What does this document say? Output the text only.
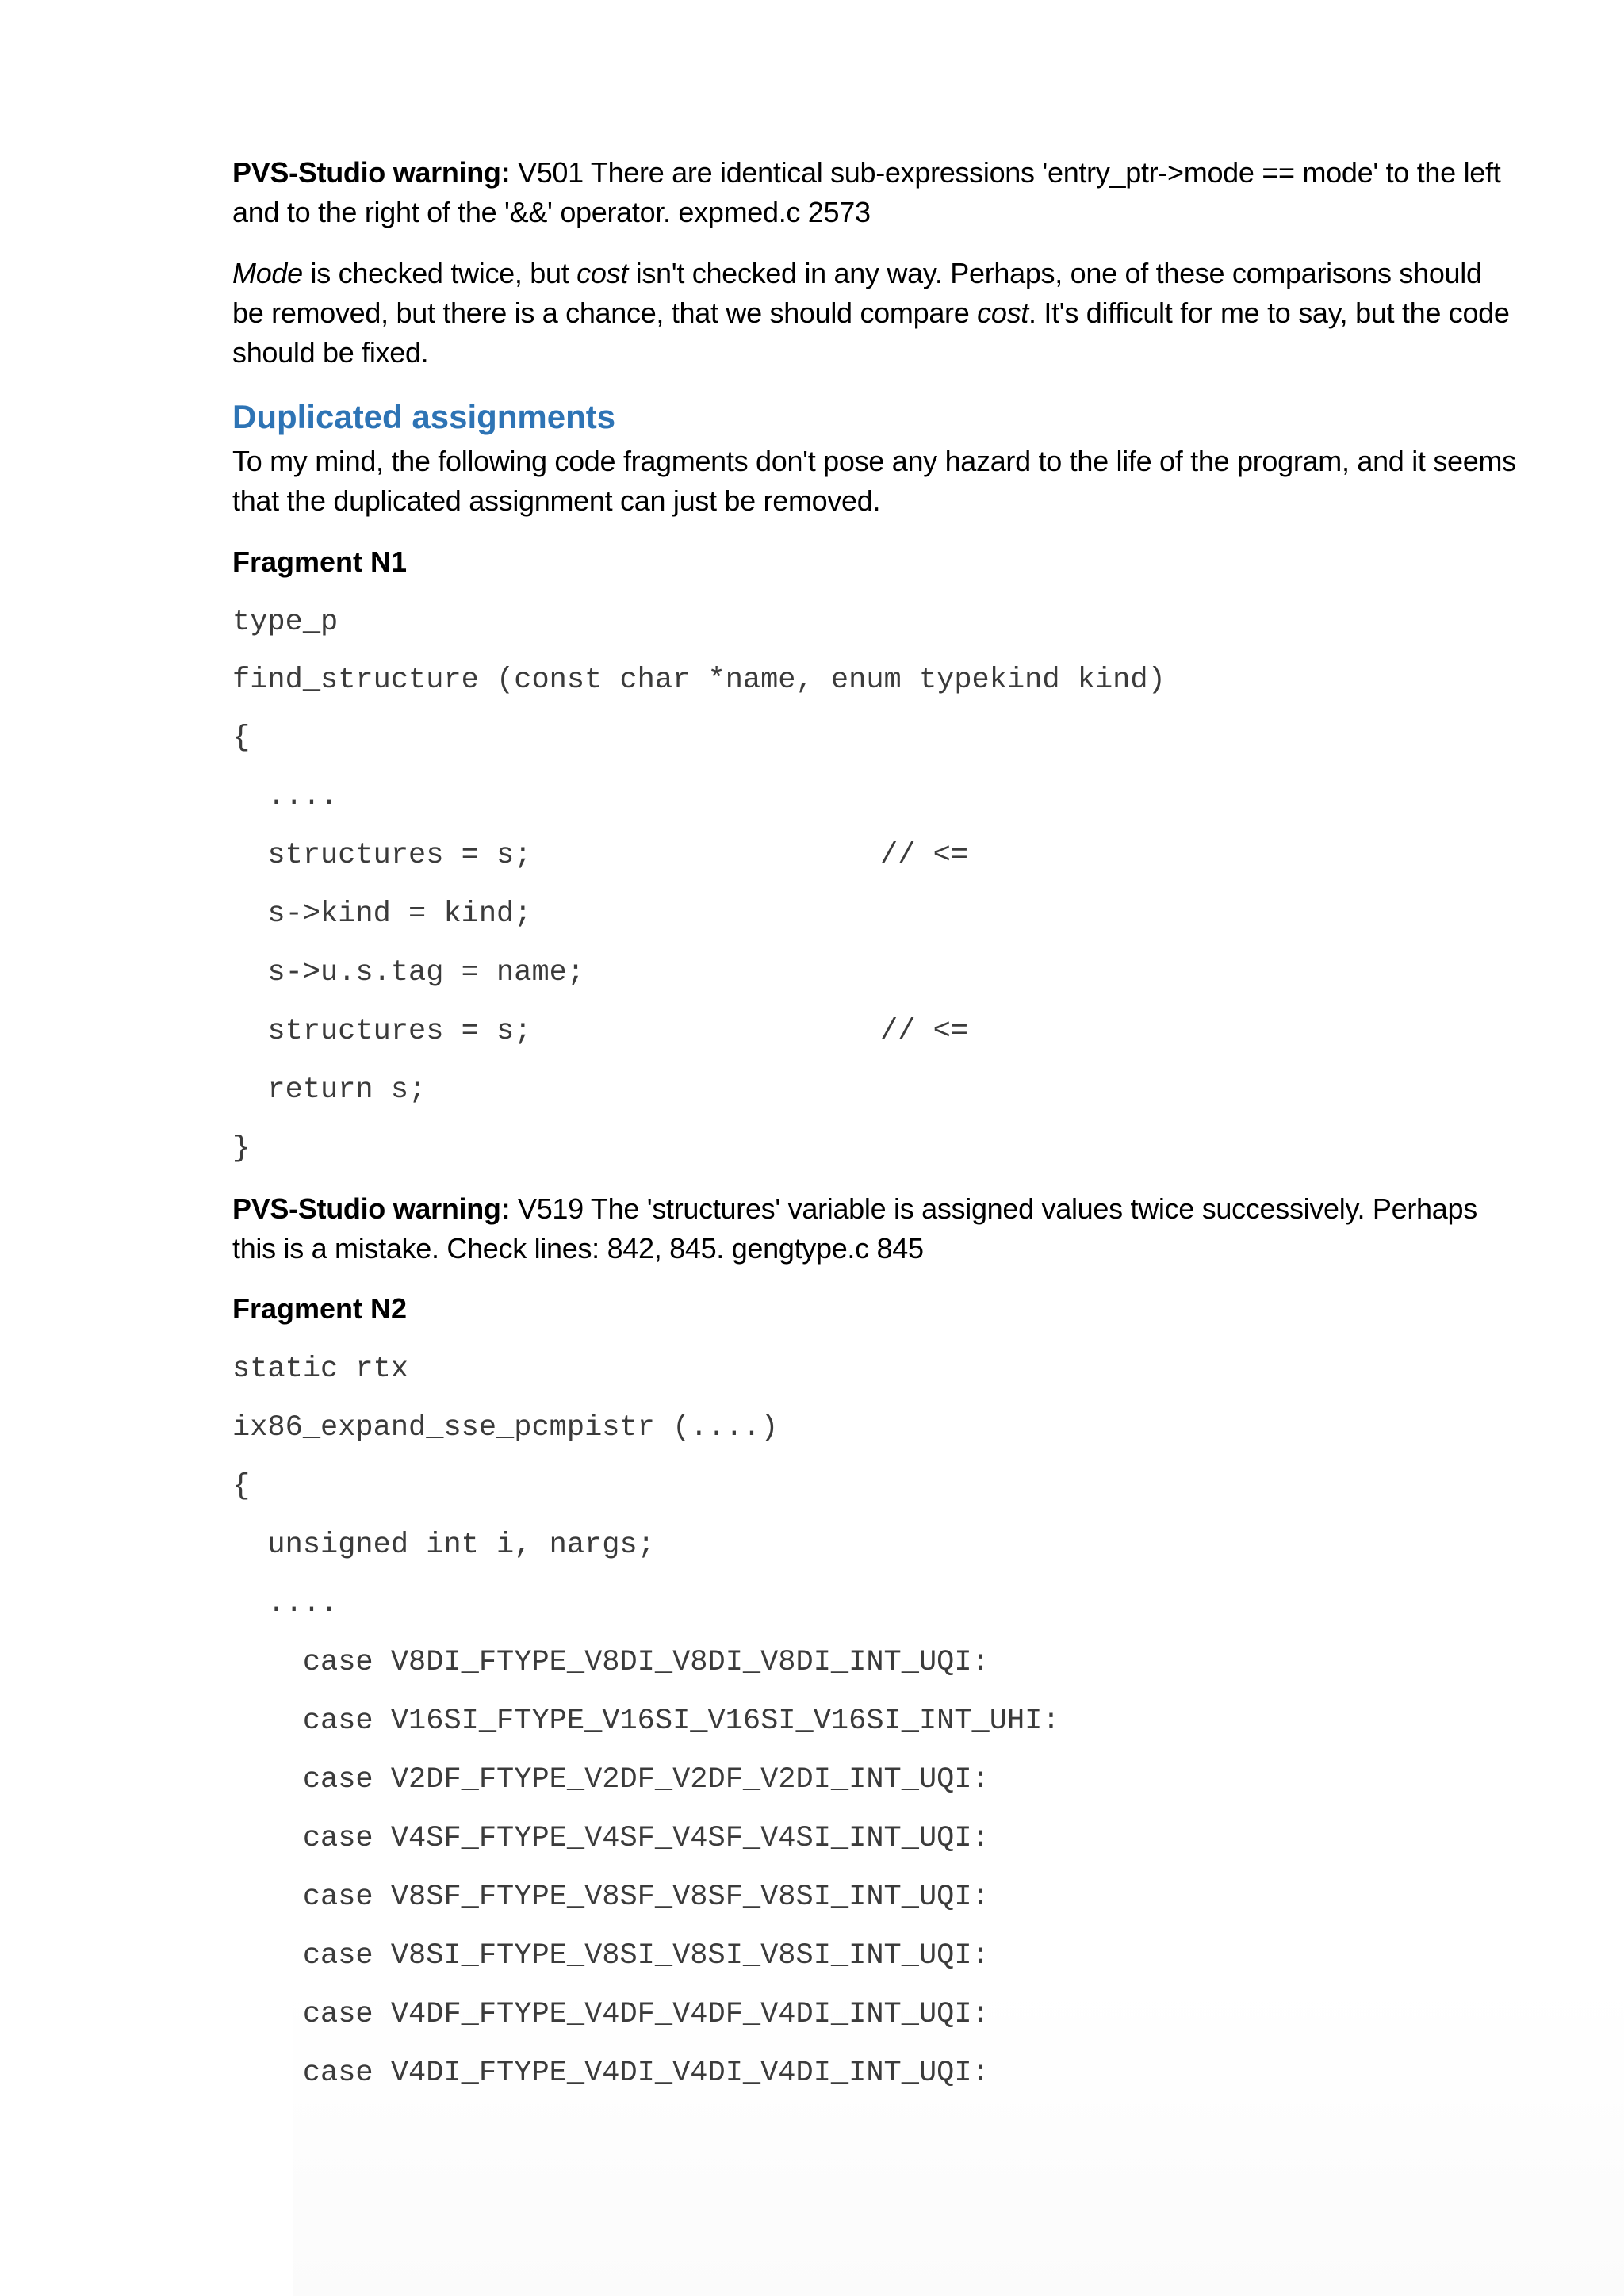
PVS-Studio warning: V501 There are identical sub-expressions 'entry_ptr->mode == mode' to the left and to the right of the '&&' operator. expmed.c 2573

Mode is checked twice, but cost isn't checked in any way. Perhaps, one of these comparisons should be removed, but there is a chance, that we should compare cost. It's difficult for me to say, but the code should be fixed.

Duplicated assignments

To my mind, the following code fragments don't pose any hazard to the life of the program, and it seems that the duplicated assignment can just be removed.

Fragment N1

type_p
find_structure (const char *name, enum typekind kind)
{
....
structures = s;	// <=
s->kind = kind;
s->u.s.tag = name;
structures = s;	// <=
return s;
}

PVS-Studio warning: V519 The 'structures' variable is assigned values twice successively. Perhaps this is a mistake. Check lines: 842, 845. gengtype.c 845

Fragment N2

static rtx
ix86_expand_sse_pcmpistr (....)
{
unsigned int i, nargs;
....
case V8DI_FTYPE_V8DI_V8DI_V8DI_INT_UQI:
case V16SI_FTYPE_V16SI_V16SI_V16SI_INT_UHI:
case V2DF_FTYPE_V2DF_V2DF_V2DI_INT_UQI:
case V4SF_FTYPE_V4SF_V4SF_V4SI_INT_UQI:
case V8SF_FTYPE_V8SF_V8SF_V8SI_INT_UQI:
case V8SI_FTYPE_V8SI_V8SI_V8SI_INT_UQI:
case V4DF_FTYPE_V4DF_V4DF_V4DI_INT_UQI:
case V4DI_FTYPE_V4DI_V4DI_V4DI_INT_UQI:
